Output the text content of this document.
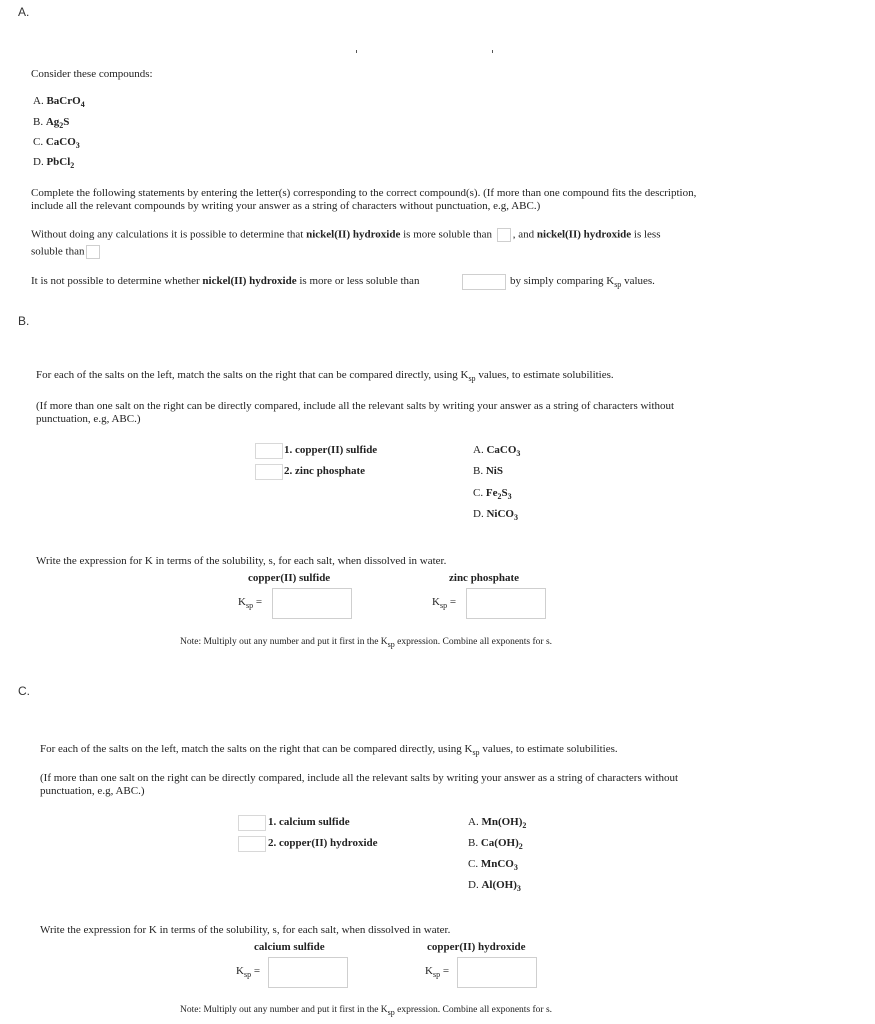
A.
Consider these compounds:
A. BaCrO$_4$
B. $Ag_2S$
C. CaCO$_3$
D. PbCl$_2$
Complete the following statements by entering the letter(s) corresponding to the correct compound(s). (If more than one compound fits the description, include all the relevant compounds by writing your answer as a string of characters without punctuation, e.g, ABC.)
Without doing any calculations it is possible to determine that nickel(II) hydroxide is more soluble than , and nickel(II) hydroxide is less
soluble than
It is not possible to determine whether nickel(II) hydroxide is more or less soluble than	by simply comparing $K_{sp}$ values.
B.
For each of the salts on the left, match the salts on the right that can be compared directly, using $K_{sp}$ values, to estimate solubilities.
(If more than one salt on the right can be directly compared, include all the relevant salts by writing your answer as a string of characters without punctuation, e.g, ABC.)
1. copper(II) sulfide
2. zinc phosphate
A. CaCO$_3$
B. NiS
C. $Fe_2S_3$
D. NiCO$_3$
Write the expression for K in terms of the solubility, s, for each salt, when dissolved in water.
copper(II) sulfide	zinc phosphate
$K_{sp}$ =	$K_{sp}$ =
Note: Multiply out any number and put it first in the $K_{sp}$ expression. Combine all exponents for s.
C.
For each of the salts on the left, match the salts on the right that can be compared directly, using $K_{sp}$ values, to estimate solubilities.
(If more than one salt on the right can be directly compared, include all the relevant salts by writing your answer as a string of characters without punctuation, e.g, ABC.)
1. calcium sulfide
2. copper(II) hydroxide
A. $Mn(OH)_2$
B. $Ca(OH)_2$
C. MnCO$_3$
D. $Al(OH)_3$
Write the expression for K in terms of the solubility, s, for each salt, when dissolved in water.
calcium sulfide	copper(II) hydroxide
$K_{sp}$ =	$K_{sp}$ =
Note: Multiply out any number and put it first in the $K_{sp}$ expression. Combine all exponents for s.
